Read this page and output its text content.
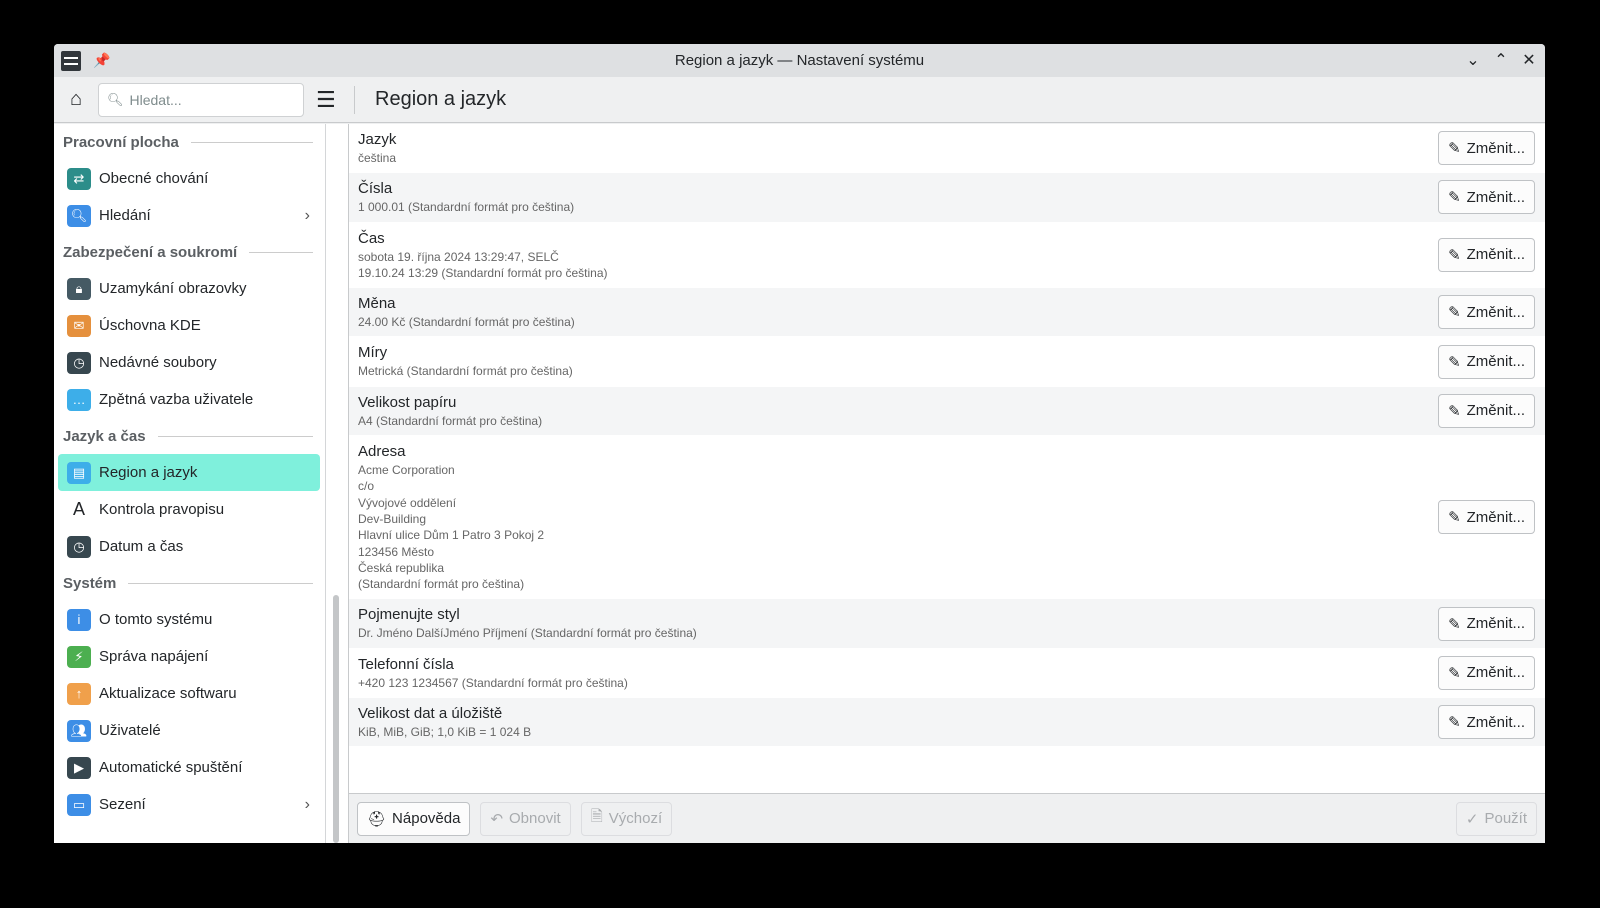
📌	Region a jazyk — Nastavení systému	⌄ ⌃ ✕
⌂	🔍︎ Hledat...	☰	Region a jazyk
Pracovní plocha
⇄ Obecné chování
🔍︎ Hledání	›
Zabezpečení a soukromí
🔒︎	Uzamykání obrazovky
✉ Úschovna KDE
◷ Nedávné soubory
… Zpětná vazba uživatele
Jazyk a čas
▤ Region a jazyk
A Kontrola pravopisu
◷ Datum a čas
Systém
i	O tomto systému
⚡	Správa napájení
↑	Aktualizace softwaru
👥︎ Uživatelé
▶	Automatické spuštění
▭ Sezení	›
Jazyk
čeština
✎ Změnit...
Čísla
1 000.01 (Standardní formát pro čeština)
✎ Změnit...
Čas
sobota 19. října 2024 13:29:47, SELČ
19.10.24 13:29 (Standardní formát pro čeština)
✎ Změnit...
Měna
24.00 Kč (Standardní formát pro čeština)
✎ Změnit...
Míry
Metrická (Standardní formát pro čeština)
✎ Změnit...
Velikost papíru
A4 (Standardní formát pro čeština)
✎ Změnit...
Adresa
Acme Corporation
c/o
Vývojové oddělení
Dev-Building
Hlavní ulice Dům 1 Patro 3 Pokoj 2
123456 Město
Česká republika
(Standardní formát pro čeština)
✎ Změnit...
Pojmenujte styl
Dr. Jméno DalšíJméno Příjmení (Standardní formát pro čeština)
✎ Změnit...
Telefonní čísla
+420 123 1234567 (Standardní formát pro čeština)
✎ Změnit...
Velikost dat a úložiště
KiB, MiB, GiB; 1,0 KiB = 1 024 B
✎ Změnit...
⛑ Nápověda ↶ Obnovit 🗎 Výchozí	✓ Použít
